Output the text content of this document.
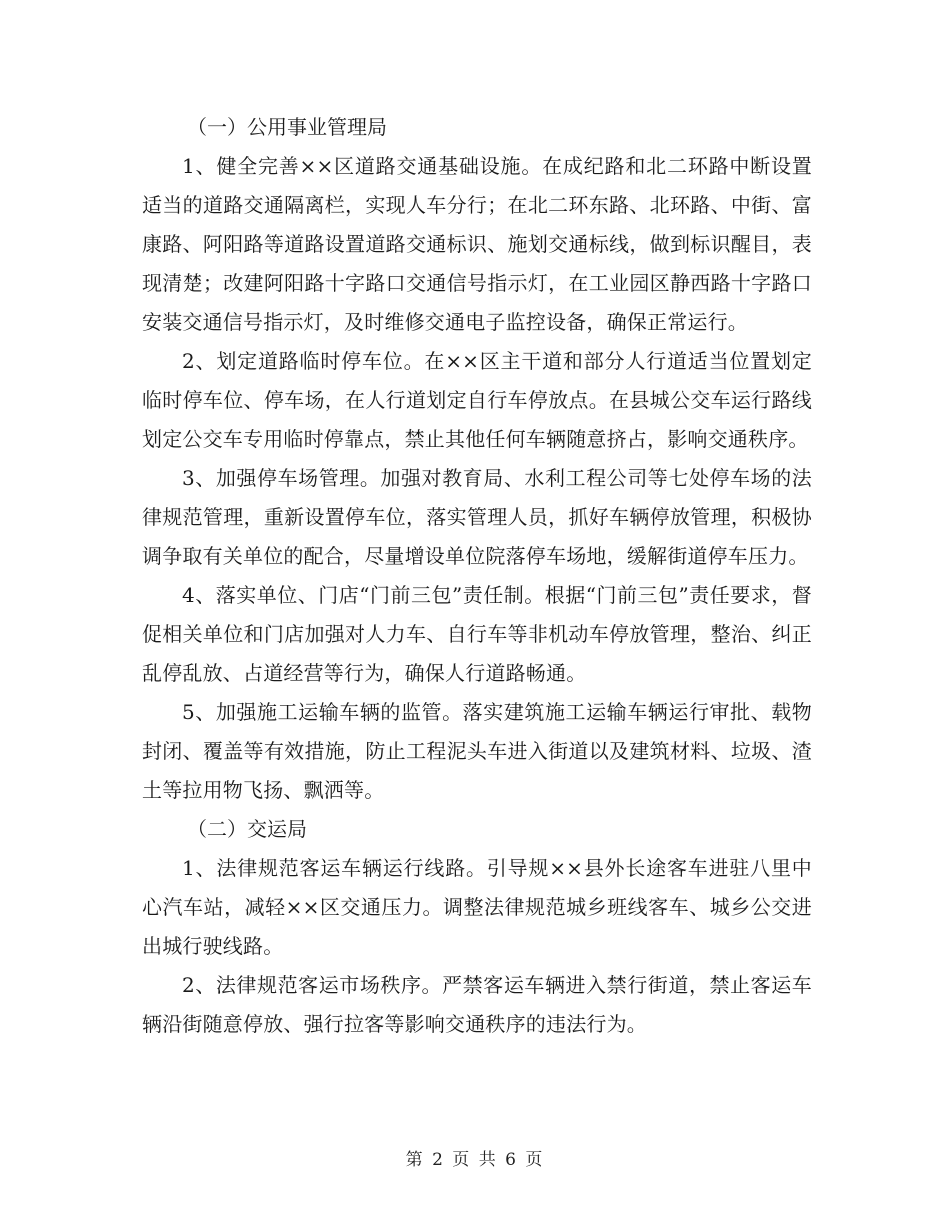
（一）公用事业管理局

1、健全完善××区道路交通基础设施。在成纪路和北二环路中断设置适当的道路交通隔离栏，实现人车分行；在北二环东路、北环路、中街、富康路、阿阳路等道路设置道路交通标识、施划交通标线，做到标识醒目，表现清楚；改建阿阳路十字路口交通信号指示灯，在工业园区静西路十字路口安装交通信号指示灯，及时维修交通电子监控设备，确保正常运行。

2、划定道路临时停车位。在××区主干道和部分人行道适当位置划定临时停车位、停车场，在人行道划定自行车停放点。在县城公交车运行路线划定公交车专用临时停靠点，禁止其他任何车辆随意挤占，影响交通秩序。

3、加强停车场管理。加强对教育局、水利工程公司等七处停车场的法律规范管理，重新设置停车位，落实管理人员，抓好车辆停放管理，积极协调争取有关单位的配合，尽量增设单位院落停车场地，缓解街道停车压力。

4、落实单位、门店“门前三包”责任制。根据“门前三包”责任要求，督促相关单位和门店加强对人力车、自行车等非机动车停放管理，整治、纠正乱停乱放、占道经营等行为，确保人行道路畅通。

5、加强施工运输车辆的监管。落实建筑施工运输车辆运行审批、载物封闭、覆盖等有效措施，防止工程泥头车进入街道以及建筑材料、垃圾、渣土等拉用物飞扬、飘洒等。

（二）交运局

1、法律规范客运车辆运行线路。引导规××县外长途客车进驻八里中心汽车站，减轻××区交通压力。调整法律规范城乡班线客车、城乡公交进出城行驶线路。

2、法律规范客运市场秩序。严禁客运车辆进入禁行街道，禁止客运车辆沿街随意停放、强行拉客等影响交通秩序的违法行为。

第 2 页 共 6 页
